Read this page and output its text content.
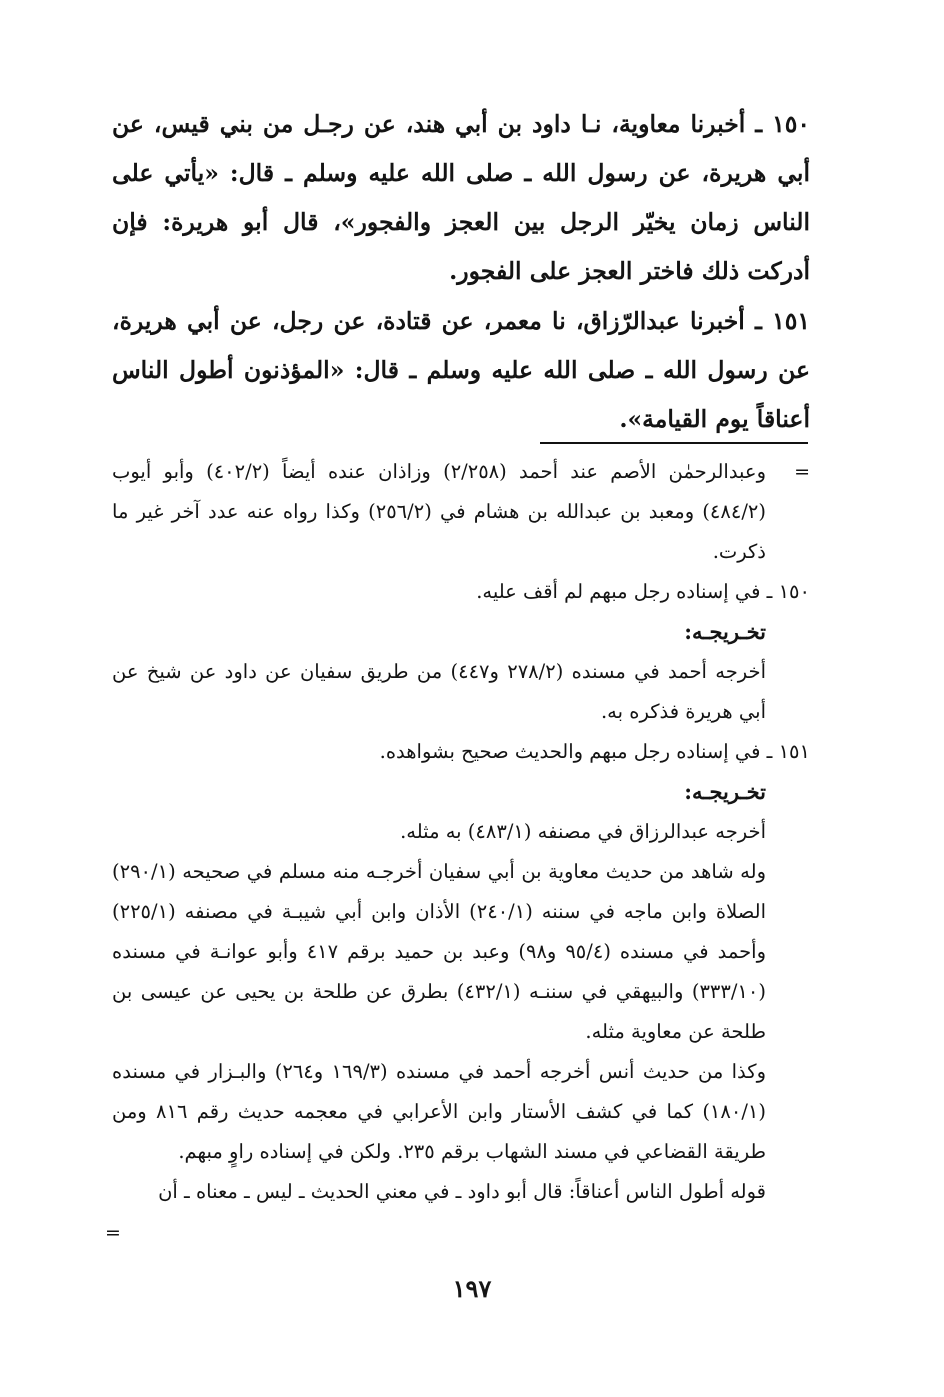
١٥٠ ـ أخبرنا معاوية، نـا داود بن أبي هند، عن رجـل من بني قيس، عن أبي هريرة، عن رسول الله ـ صلى الله عليه وسلم ـ قال: «يأتي على الناس زمان يخيّر الرجل بين العجز والفجور»، قال أبو هريرة: فإن أدركت ذلك فاختر العجز على الفجور.

١٥١ ـ أخبرنا عبدالرّزاق، نا معمر، عن قتادة، عن رجل، عن أبي هريرة، عن رسول الله ـ صلى الله عليه وسلم ـ قال: «المؤذنون أطول الناس أعناقاً يوم القيامة».

=

وعبدالرحمٰن الأصم عند أحمد (٢/٢٥٨) وزاذان عنده أيضاً (٤٠٢/٢) وأبو أيوب (٤٨٤/٢) ومعبد بن عبدالله بن هشام في (٢٥٦/٢) وكذا رواه عنه عدد آخر غير ما ذكرت.

١٥٠ ـ في إسناده رجل مبهم لم أقف عليه.

تخـريجـه:

أخرجه أحمد في مسنده (٢٧٨/٢ و٤٤٧) من طريق سفيان عن داود عن شيخ عن أبي هريرة فذكره به.

١٥١ ـ في إسناده رجل مبهم والحديث صحيح بشواهده.

تخـريجـه:

أخرجه عبدالرزاق في مصنفه (٤٨٣/١) به مثله.

وله شاهد من حديث معاوية بن أبي سفيان أخرجـه منه مسلم في صحيحه (٢٩٠/١) الصلاة وابن ماجه في سننه (٢٤٠/١) الأذان وابن أبي شيبـة في مصنفه (٢٢٥/١) وأحمد في مسنده (٩٥/٤ و٩٨) وعبد بن حميد برقم ٤١٧ وأبو عوانـة في مسنده (٣٣٣/١٠) والبيهقي في سننـه (٤٣٢/١) بطرق عن طلحة بن يحيى عن عيسى بن طلحة عن معاوية مثله.

وكذا من حديث أنس أخرجه أحمد في مسنده (١٦٩/٣ و٢٦٤) والبـزار في مسنده (١٨٠/١) كما في كشف الأستار وابن الأعرابي في معجمه حديث رقم ٨١٦ ومن طريقة القضاعي في مسند الشهاب برقم ٢٣٥. ولكن في إسناده راوٍ مبهم.

قوله أطول الناس أعناقاً: قال أبو داود ـ في معني الحديث ـ ليس ـ معناه ـ أن

=
١٩٧
